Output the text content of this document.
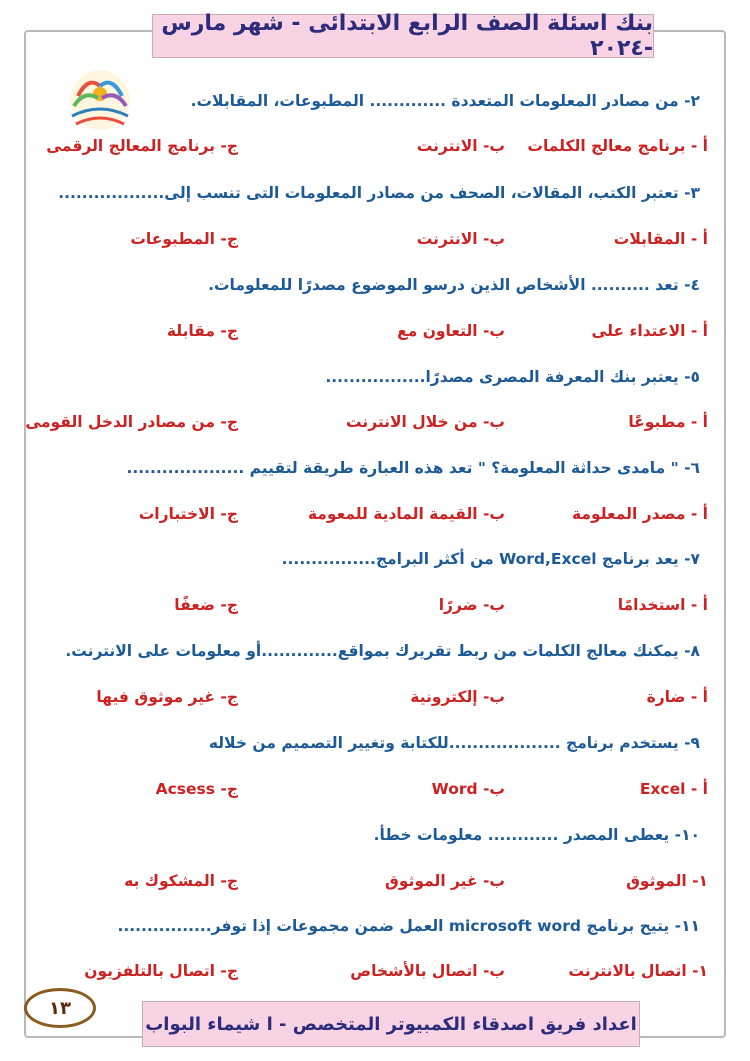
بنك اسئلة الصف الرابع الابتدائى - شهر مارس -٢٠٢٤
٢- من مصادر المعلومات المتعددة ............. المطبوعات، المقابلات.
أ - برنامج معالج الكلمات
ب- الانترنت
ج- برنامج المعالج الرقمى
٣- تعتبر الكتب، المقالات، الصحف من مصادر المعلومات التى تنسب إلى..................
أ - المقابلات
ب- الانترنت
ج- المطبوعات
٤- تعد .......... الأشخاص الذين درسو الموضوع مصدرًا للمعلومات.
أ - الاعتداء على
ب- التعاون مع
ج- مقابلة
٥- يعتبر بنك المعرفة المصرى مصدرًا.................
أ - مطبوعًا
ب- من خلال الانترنت
ج- من مصادر الدخل القومى
٦- " مامدى حداثة المعلومة؟ " تعد هذه العبارة طريقة لتقييم ....................
أ - مصدر المعلومة
ب- القيمة المادية للمعومة
ج- الاختبارات
٧- يعد برنامج Word,Excel من أكثر البرامج................
أ - استخدامًا
ب- ضررًا
ج- ضعفًا
٨- يمكنك معالج الكلمات من ربط تقريرك بمواقع.............أو معلومات على الانترنت.
أ - ضارة
ب- إلكترونية
ج- غير موثوق فيها
٩- يستخدم برنامج ...................للكتابة وتغيير التصميم من خلاله
أ - Excel
ب- Word
ج- Acsess
١٠- يعطى المصدر ............ معلومات خطأ.
١- الموثوق
ب- غير الموثوق
ج- المشكوك به
١١- يتيح برنامج microsoft word العمل ضمن مجموعات إذا توفر................
١- اتصال بالانترنت
ب- اتصال بالأشخاص
ج- اتصال بالتلفزيون
١٣
اعداد فريق اصدقاء الكمبيوتر المتخصص - ا شيماء البواب
